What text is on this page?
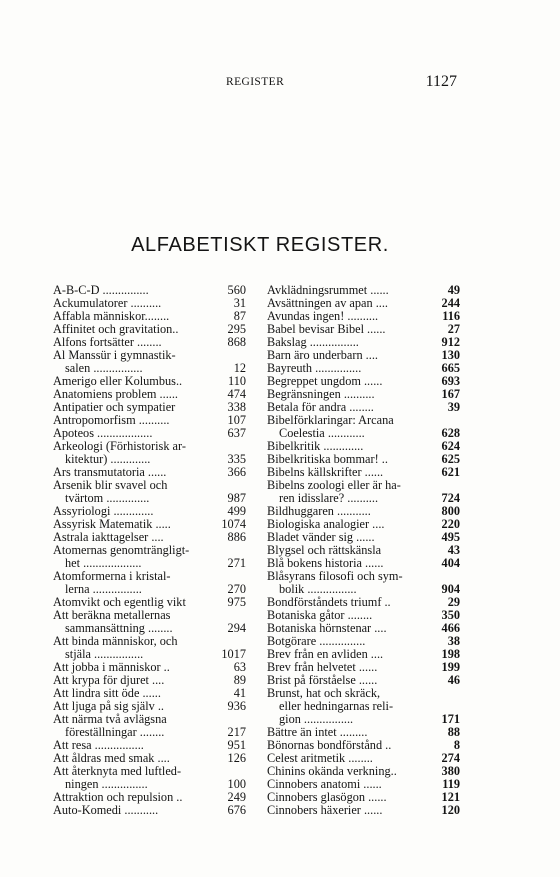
REGISTER	1127
ALFABETISKT REGISTER.
A-B-C-D ...............	560
Ackumulatorer ..........	31
Affabla människor........	87
Affinitet och gravitation..	295
Alfons fortsätter ........	868
Al Manssür i gymnastik-
salen ................	12
Amerigo eller Kolumbus..	110
Anatomiens problem ......	474
Antipatier och sympatier	338
Antropomorfism ..........	107
Apoteos ..................	637
Arkeologi (Förhistorisk ar-
kitektur) .............	335
Ars transmutatoria ......	366
Arsenik blir svavel och
tvärtom ..............	987
Assyriologi .............	499
Assyrisk Matematik .....	1074
Astrala iakttagelser ....	886
Atomernas genomträngligt-
het ...................	271
Atomformerna i kristal-
lerna ................	270
Atomvikt och egentlig vikt	975
Att beräkna metallernas
sammansättning ........	294
Att binda människor, och
stjäla ................	1017
Att jobba i människor ..	63
Att krypa för djuret ....	89
Att lindra sitt öde ......	41
Att ljuga på sig själv ..	936
Att närma två avlägsna
föreställningar ........	217
Att resa ................	951
Att åldras med smak ....	126
Att återknyta med luftled-
ningen ...............	100
Attraktion och repulsion ..	249
Auto-Komedi ...........	676
Avklädningsrummet ......	49
Avsättningen av apan ....	244
Avundas ingen! ..........	116
Babel bevisar Bibel ......	27
Bakslag ................	912
Barn äro underbarn ....	130
Bayreuth ...............	665
Begreppet ungdom ......	693
Begränsningen ..........	167
Betala för andra ........	39
Bibelförklaringar: Arcana
Coelestia ............	628
Bibelkritik .............	624
Bibelkritiska bommar! ..	625
Bibelns källskrifter ......	621
Bibelns zoologi eller är ha-
ren idisslare? ..........	724
Bildhuggaren ...........	800
Biologiska analogier ....	220
Bladet vänder sig ......	495
Blygsel och rättskänsla	43
Blå bokens historia ......	404
Blåsyrans filosofi och sym-
bolik ................	904
Bondförståndets triumf ..	29
Botaniska gåtor ........	350
Botaniska hörnstenar ....	466
Botgörare ...............	38
Brev från en avliden ....	198
Brev från helvetet ......	199
Brist på förståelse ......	46
Brunst, hat och skräck,
eller hedningarnas reli-
gion ................	171
Bättre än intet .........	88
Bönornas bondförstånd ..	8
Celest aritmetik ........	274
Chinins okända verkning..	380
Cinnobers anatomi ......	119
Cinnobers glasögon ......	121
Cinnobers häxerier ......	120
